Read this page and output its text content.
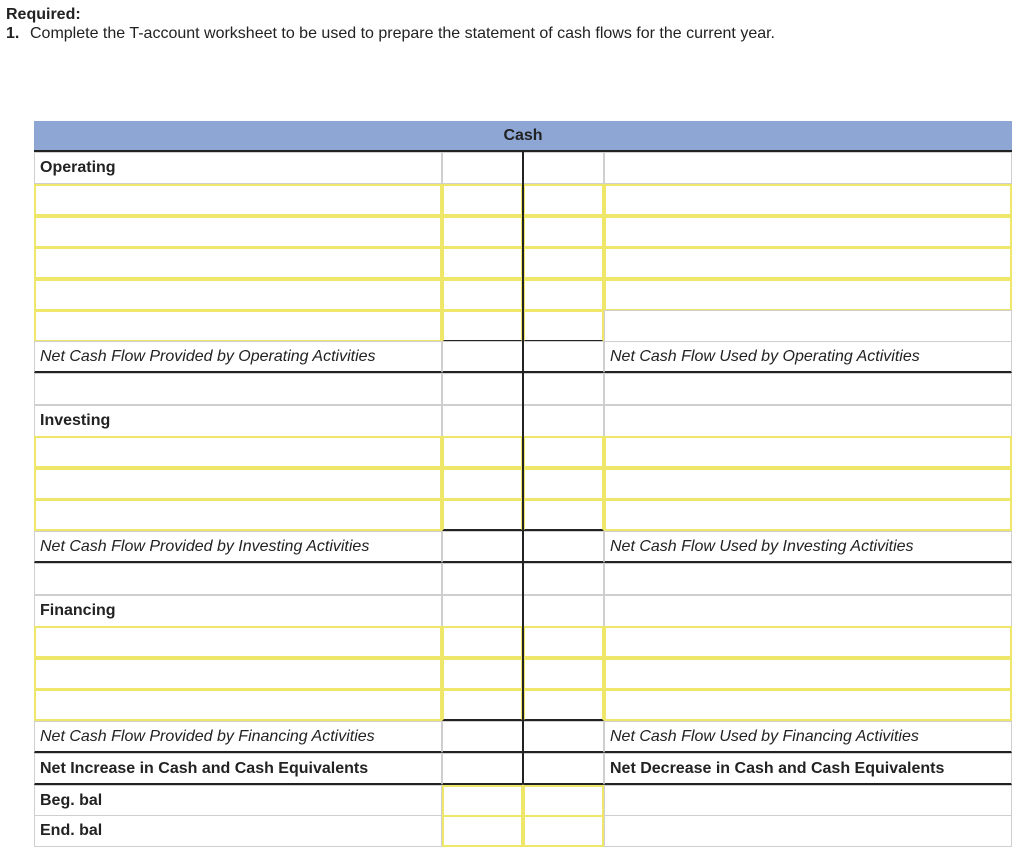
Required:
1. Complete the T-account worksheet to be used to prepare the statement of cash flows for the current year.
Cash
Operating
Net Cash Flow Provided by Operating Activities	Net Cash Flow Used by Operating Activities
Investing
Net Cash Flow Provided by Investing Activities	Net Cash Flow Used by Investing Activities
Financing
Net Cash Flow Provided by Financing Activities	Net Cash Flow Used by Financing Activities
Net Increase in Cash and Cash Equivalents	Net Decrease in Cash and Cash Equivalents
Beg. bal
End. bal
